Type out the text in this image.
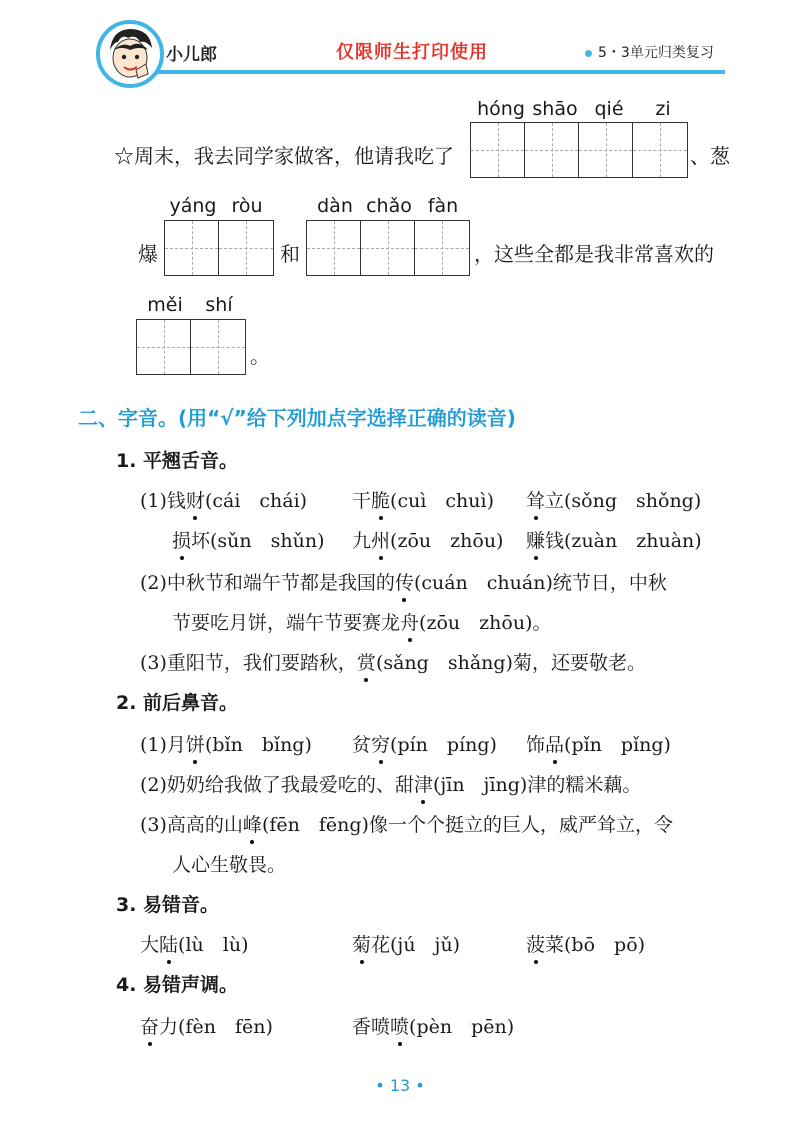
小儿郎	仅限师生打印使用	5・3单元归类复习
hóng shāo qié	zi
☆周末，我去同学家做客，他请我吃了	、葱
yáng ròu	dàn chǎo fàn
爆	和	，这些全都是我非常喜欢的
měi	shí
。
二、字音。(用“√”给下列加点字选择正确的读音)
1. 平翘舌音。
(1)钱财(cái　chái) 干脆(cuì　chuì) 耸立(sǒng　shǒng)
损坏(sǔn　shǔn) 九州(zōu　zhōu) 赚钱(zuàn　zhuàn)
(2)中秋节和端午节都是我国的传(cuán　chuán)统节日，中秋
节要吃月饼，端午节要赛龙舟(zōu　zhōu)。
(3)重阳节，我们要踏秋，赏(sǎng　shǎng)菊，还要敬老。
2. 前后鼻音。
(1)月饼(bǐn　bǐng) 贫穷(pín　píng) 饰品(pǐn　pǐng)
(2)奶奶给我做了我最爱吃的、甜津(jīn　jīng)津的糯米藕。
(3)高高的山峰(fēn　fēng)像一个个挺立的巨人，威严耸立，令
人心生敬畏。
3. 易错音。
大陆(lù　lù)	菊花(jú　jǔ)	菠菜(bō　pō)
4. 易错声调。
奋力(fèn　fēn)	香喷喷(pèn　pēn)
• 13 •
